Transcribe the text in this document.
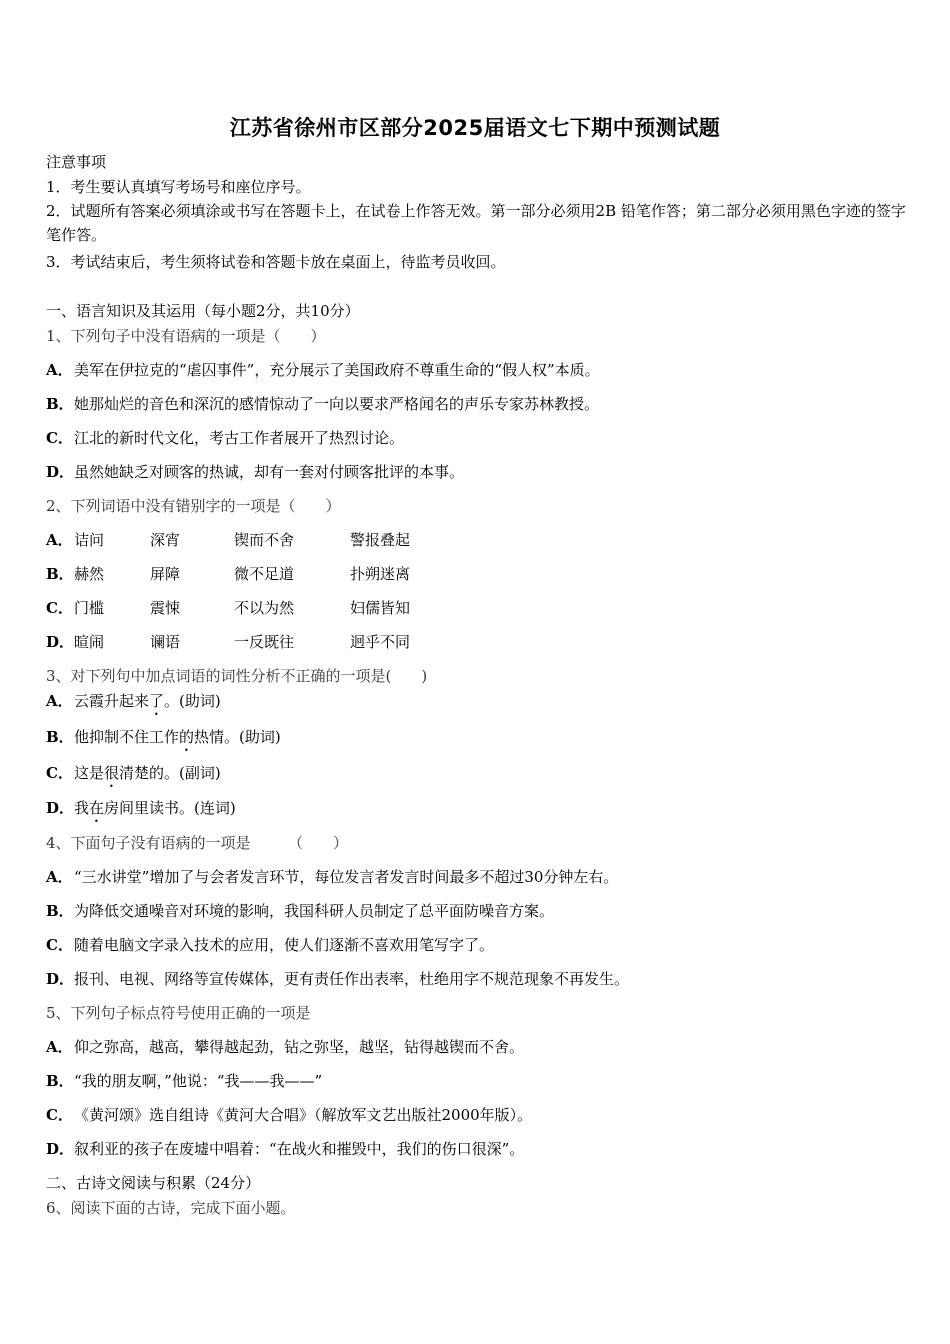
江苏省徐州市区部分2025届语文七下期中预测试题
注意事项
1．考生要认真填写考场号和座位序号。
2．试题所有答案必须填涂或书写在答题卡上，在试卷上作答无效。第一部分必须用2B 铅笔作答；第二部分必须用黑色字迹的签字笔作答。
3．考试结束后，考生须将试卷和答题卡放在桌面上，待监考员收回。
一、语言知识及其运用（每小题2分，共10分）
1、下列句子中没有语病的一项是（　　）
A．美军在伊拉克的“虐囚事件”，充分展示了美国政府不尊重生命的“假人权”本质。
B．她那灿烂的音色和深沉的感情惊动了一向以要求严格闻名的声乐专家苏林教授。
C．江北的新时代文化，考古工作者展开了热烈讨论。
D．虽然她缺乏对顾客的热诚，却有一套对付顾客批评的本事。
2、下列词语中没有错别字的一项是（　　）
A．诘问	深宵	锲而不舍	警报叠起
B．赫然	屏障	微不足道	扑朔迷离
C．门槛	震悚	不以为然	妇儒皆知
D．暄闹	谰语	一反既往	迥乎不同
3、对下列句中加点词语的词性分析不正确的一项是(　　)
A．云霞升起来了。(助词)
B．他抑制不住工作的热情。(助词)
C．这是很清楚的。(副词)
D．我在房间里读书。(连词)
4、下面句子没有语病的一项是　　　（　　）
A．“三水讲堂”增加了与会者发言环节，每位发言者发言时间最多不超过30分钟左右。
B．为降低交通噪音对环境的影响，我国科研人员制定了总平面防噪音方案。
C．随着电脑文字录入技术的应用，使人们逐渐不喜欢用笔写字了。
D．报刊、电视、网络等宣传媒体，更有责任作出表率，杜绝用字不规范现象不再发生。
5、下列句子标点符号使用正确的一项是
A．仰之弥高，越高，攀得越起劲，钻之弥坚，越坚，钻得越锲而不舍。
B．“我的朋友啊，”他说：“我——我——”
C．《黄河颂》选自组诗《黄河大合唱》（解放军文艺出版社2000年版）。
D．叙利亚的孩子在废墟中唱着：“在战火和摧毁中，我们的伤口很深”。
二、古诗文阅读与积累（24分）
6、阅读下面的古诗，完成下面小题。
